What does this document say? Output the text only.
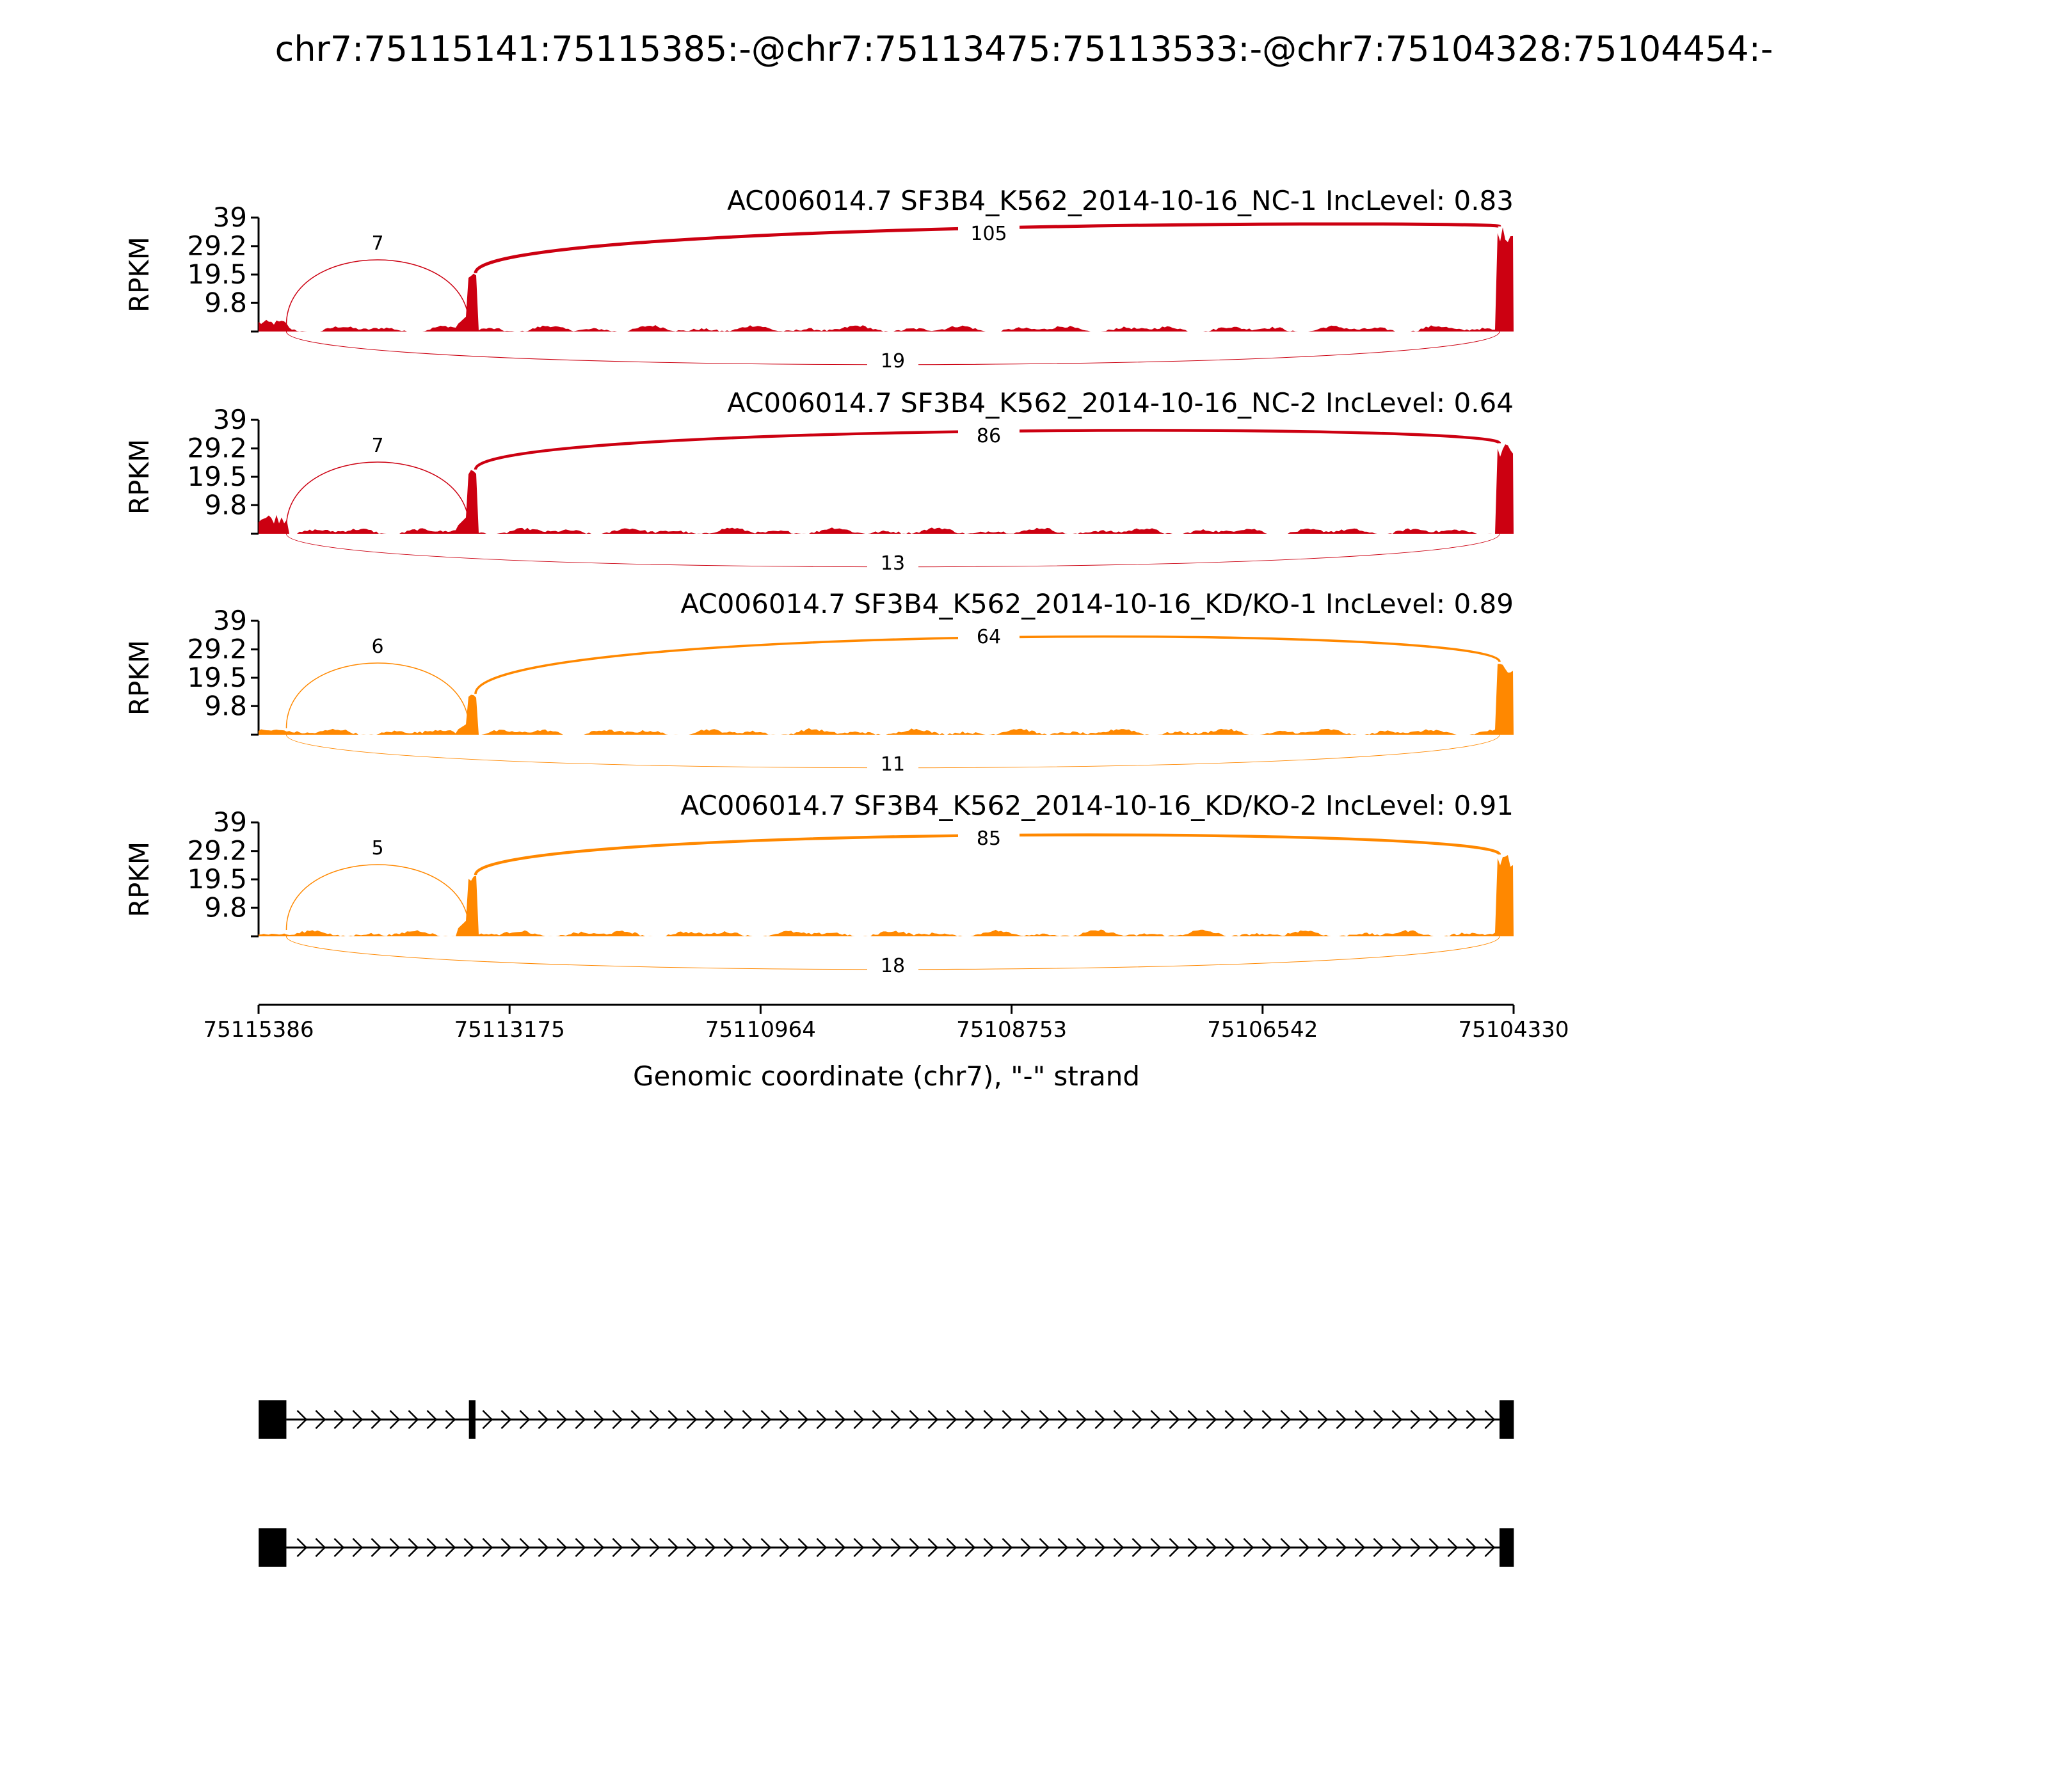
chr7:75115141:75115385:-@chr7:75113475:75113533:-@chr7:75104328:75104454:-
39
29.2
19.5
9.8
RPKM
AC006014.7 SF3B4_K562_2014-10-16_NC-1 IncLevel: 0.83
7	105
19
39
29.2
19.5
9.8
RPKM
AC006014.7 SF3B4_K562_2014-10-16_NC-2 IncLevel: 0.64
7	86
13
39
29.2
19.5
9.8
RPKM
AC006014.7 SF3B4_K562_2014-10-16_KD/KO-1 IncLevel: 0.89
6	64
11
39
29.2
19.5
9.8
RPKM
AC006014.7 SF3B4_K562_2014-10-16_KD/KO-2 IncLevel: 0.91
5	85
18
75115386	75113175	75110964	75108753	75106542	75104330
Genomic coordinate (chr7), "-" strand
